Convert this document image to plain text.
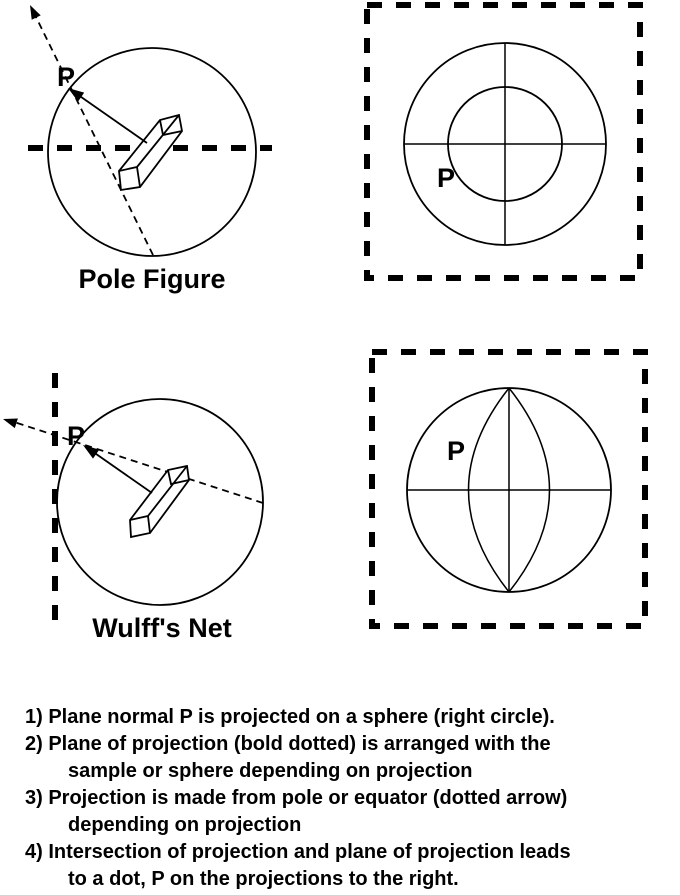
P
Pole Figure
P
P
Wulff's Net
P
1) Plane normal P is projected on a sphere (right circle).
2) Plane of projection (bold dotted) is arranged with the
sample or sphere depending on projection
3) Projection is made from pole or equator (dotted arrow)
depending on projection
4) Intersection of projection and plane of projection leads
to a dot, P on the projections to the right.
